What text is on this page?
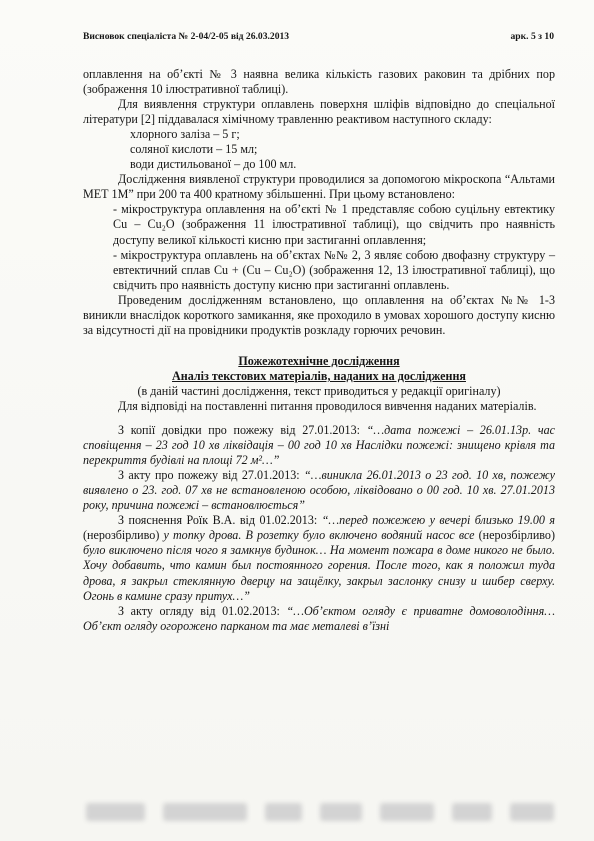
Висновок спеціаліста № 2-04/2-05 від 26.03.2013	арк. 5 з 10

оплавлення на об’єкті № 3 наявна велика кількість газових раковин та дрібних пор (зображення 10 ілюстративної таблиці).

Для виявлення структури оплавлень поверхня шліфів відповідно до спеціальної літератури [2] піддавалася хімічному травленню реактивом наступного складу:

хлорного заліза – 5 г;

соляної кислоти – 15 мл;

води дистильованої – до 100 мл.

Дослідження виявленої структури проводилися за допомогою мікроскопа “Альтами МЕТ 1М” при 200 та 400 кратному збільшенні. При цьому встановлено:

- мікроструктура оплавлення на об’єкті № 1 представляє собою суцільну евтектику Cu – Cu₂O (зображення 11 ілюстративної таблиці), що свідчить про наявність доступу великої кількості кисню при застиганні оплавлення;

- мікроструктура оплавлень на об’єктах №№ 2, 3 являє собою двофазну структуру – евтектичний сплав Cu + (Cu – Cu₂O) (зображення 12, 13 ілюстративної таблиці), що свідчить про наявність доступу кисню при застиганні оплавлень.

Проведеним дослідженням встановлено, що оплавлення на об’єктах №№ 1-3 виникли внаслідок короткого замикання, яке проходило в умовах хорошого доступу кисню за відсутності дії на провідники продуктів розкладу горючих речовин.

Пожежотехнічне дослідження

Аналіз текстових матеріалів, наданих на дослідження

(в даній частині дослідження, текст приводиться у редакції оригіналу)

Для відповіді на поставленні питання проводилося вивчення наданих матеріалів.

З копії довідки про пожежу від 27.01.2013: “…дата пожежі – 26.01.13р. час сповіщення – 23 год 10 хв ліквідація – 00 год 10 хв Наслідки пожежі: знищено крівля та перекриття будівлі на площі 72 м²…”

З акту про пожежу від 27.01.2013: “…виникла 26.01.2013 о 23 год. 10 хв, пожежу виявлено о 23. год. 07 хв не встановленою особою, ліквідовано о 00 год. 10 хв. 27.01.2013 року, причина пожежі – встановлюється”

З пояснення Роїк В.А. від 01.02.2013: “…перед пожежею у вечері близько 19.00 я (нерозбірливо) у топку дрова. В розетку було включено водяний насос все (нерозбірливо) було виключено після чого я замкнув будинок… На момент пожара в доме никого не было. Хочу добавить, что камин был постоянного горения. После того, как я положил туда дрова, я закрыл стеклянную дверцу на защёлку, закрыл заслонку снизу и шибер сверху. Огонь в камине сразу притух…”

З акту огляду від 01.02.2013: “…Об’єктом огляду є приватне домоволодіння…Об’єкт огляду огорожено парканом та має металеві в’їзні
